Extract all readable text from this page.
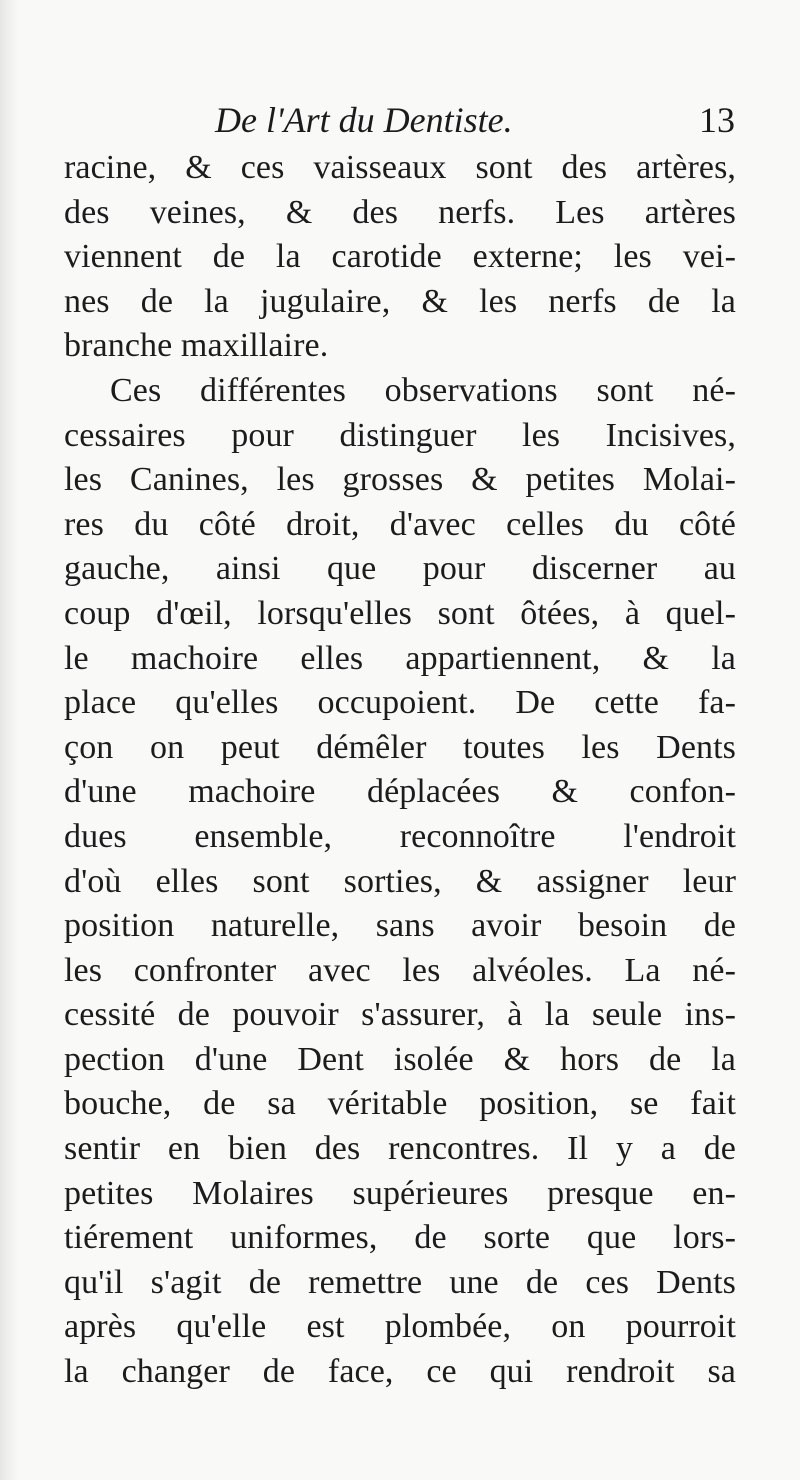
De l'Art du Dentiste.	13
racine, & ces vaisseaux sont des artères,
des veines, & des nerfs. Les artères
viennent de la carotide externe; les vei-
nes de la jugulaire, & les nerfs de la
branche maxillaire.
Ces différentes observations sont né-
cessaires pour distinguer les Incisives,
les Canines, les grosses & petites Molai-
res du côté droit, d'avec celles du côté
gauche, ainsi que pour discerner au
coup d'œil, lorsqu'elles sont ôtées, à quel-
le machoire elles appartiennent, & la
place qu'elles occupoient. De cette fa-
çon on peut démêler toutes les Dents
d'une machoire déplacées & confon-
dues ensemble, reconnoître l'endroit
d'où elles sont sorties, & assigner leur
position naturelle, sans avoir besoin de
les confronter avec les alvéoles. La né-
cessité de pouvoir s'assurer, à la seule ins-
pection d'une Dent isolée & hors de la
bouche, de sa véritable position, se fait
sentir en bien des rencontres. Il y a de
petites Molaires supérieures presque en-
tiérement uniformes, de sorte que lors-
qu'il s'agit de remettre une de ces Dents
après qu'elle est plombée, on pourroit
la changer de face, ce qui rendroit sa
